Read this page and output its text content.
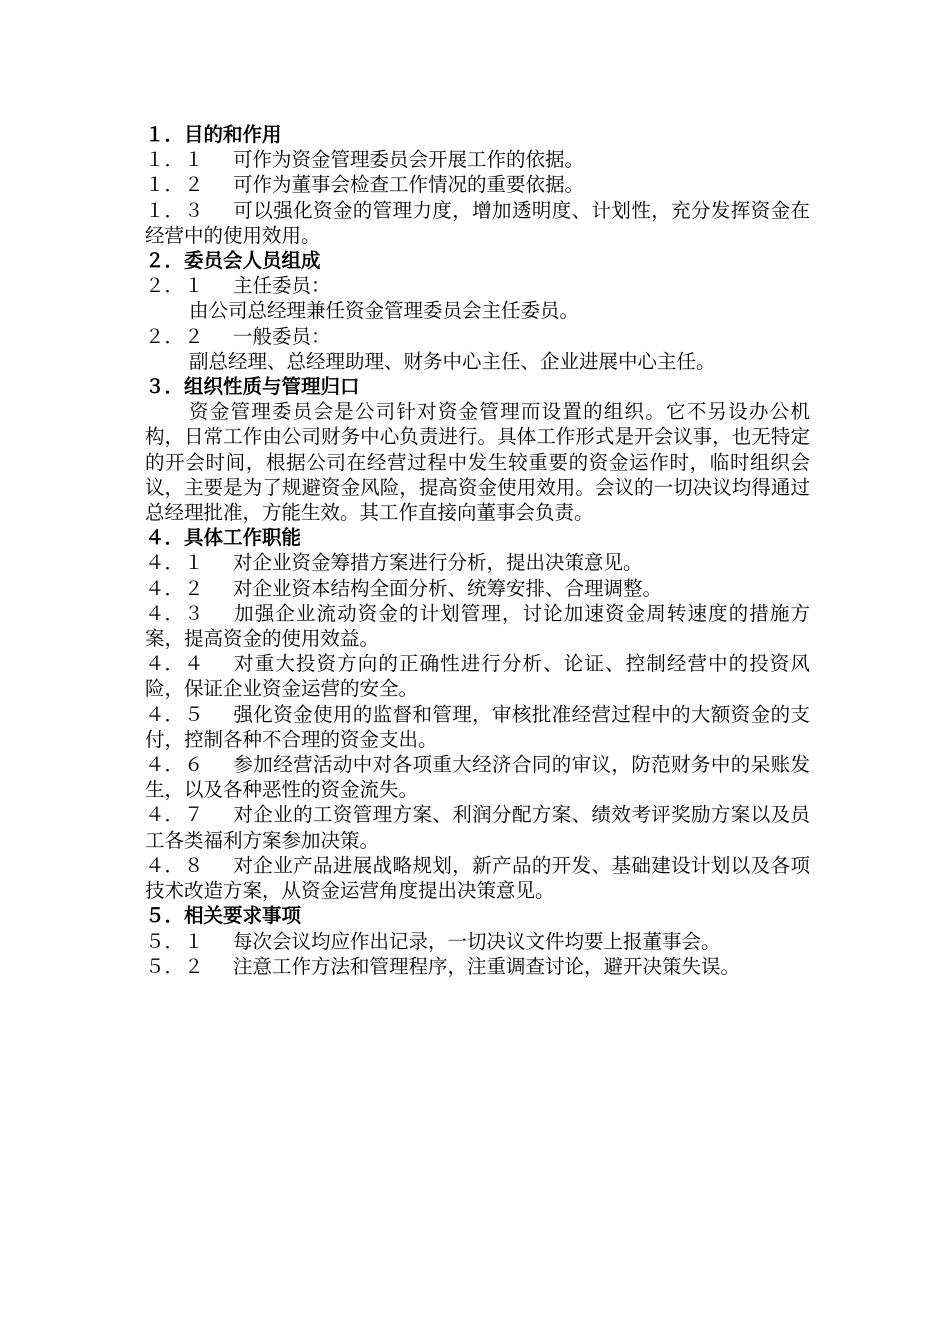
１．目的和作用
１．１ 可作为资金管理委员会开展工作的依据。
１．２ 可作为董事会检查工作情况的重要依据。
１．３ 可以强化资金的管理力度，增加透明度、计划性，充分发挥资金在经营中的使用效用。
２．委员会人员组成
２．１ 主任委员：
由公司总经理兼任资金管理委员会主任委员。
２．２ 一般委员：
副总经理、总经理助理、财务中心主任、企业进展中心主任。
３．组织性质与管理归口
资金管理委员会是公司针对资金管理而设置的组织。它不另设办公机构，日常工作由公司财务中心负责进行。具体工作形式是开会议事，也无特定的开会时间，根据公司在经营过程中发生较重要的资金运作时，临时组织会议，主要是为了规避资金风险，提高资金使用效用。会议的一切决议均得通过总经理批准，方能生效。其工作直接向董事会负责。
４．具体工作职能
４．１ 对企业资金筹措方案进行分析，提出决策意见。
４．２ 对企业资本结构全面分析、统筹安排、合理调整。
４．３ 加强企业流动资金的计划管理，讨论加速资金周转速度的措施方案，提高资金的使用效益。
４．４ 对重大投资方向的正确性进行分析、论证、控制经营中的投资风险，保证企业资金运营的安全。
４．５ 强化资金使用的监督和管理，审核批准经营过程中的大额资金的支付，控制各种不合理的资金支出。
４．６ 参加经营活动中对各项重大经济合同的审议，防范财务中的呆账发生，以及各种恶性的资金流失。
４．７ 对企业的工资管理方案、利润分配方案、绩效考评奖励方案以及员工各类福利方案参加决策。
４．８ 对企业产品进展战略规划，新产品的开发、基础建设计划以及各项技术改造方案，从资金运营角度提出决策意见。
５．相关要求事项
５．１ 每次会议均应作出记录，一切决议文件均要上报董事会。
５．２ 注意工作方法和管理程序，注重调查讨论，避开决策失误。
